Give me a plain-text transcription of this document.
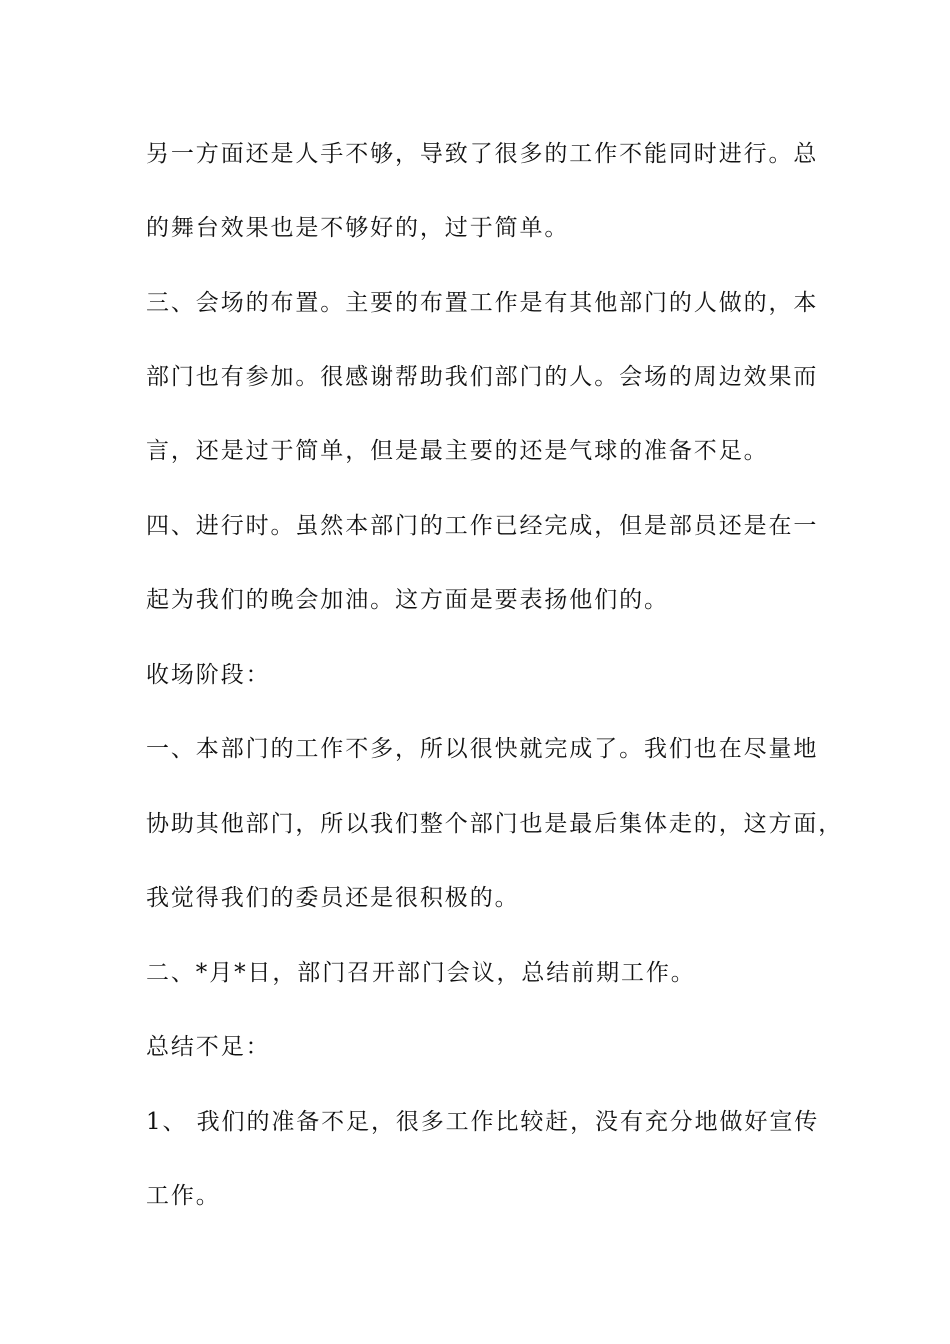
另一方面还是人手不够，导致了很多的工作不能同时进行。总
的舞台效果也是不够好的，过于简单。
三、会场的布置。主要的布置工作是有其他部门的人做的，本
部门也有参加。很感谢帮助我们部门的人。会场的周边效果而
言，还是过于简单，但是最主要的还是气球的准备不足。
四、进行时。虽然本部门的工作已经完成，但是部员还是在一
起为我们的晚会加油。这方面是要表扬他们的。
收场阶段：
一、本部门的工作不多，所以很快就完成了。我们也在尽量地
协助其他部门，所以我们整个部门也是最后集体走的，这方面，
我觉得我们的委员还是很积极的。
二、*月*日，部门召开部门会议，总结前期工作。
总结不足：
1、 我们的准备不足，很多工作比较赶，没有充分地做好宣传
工作。
